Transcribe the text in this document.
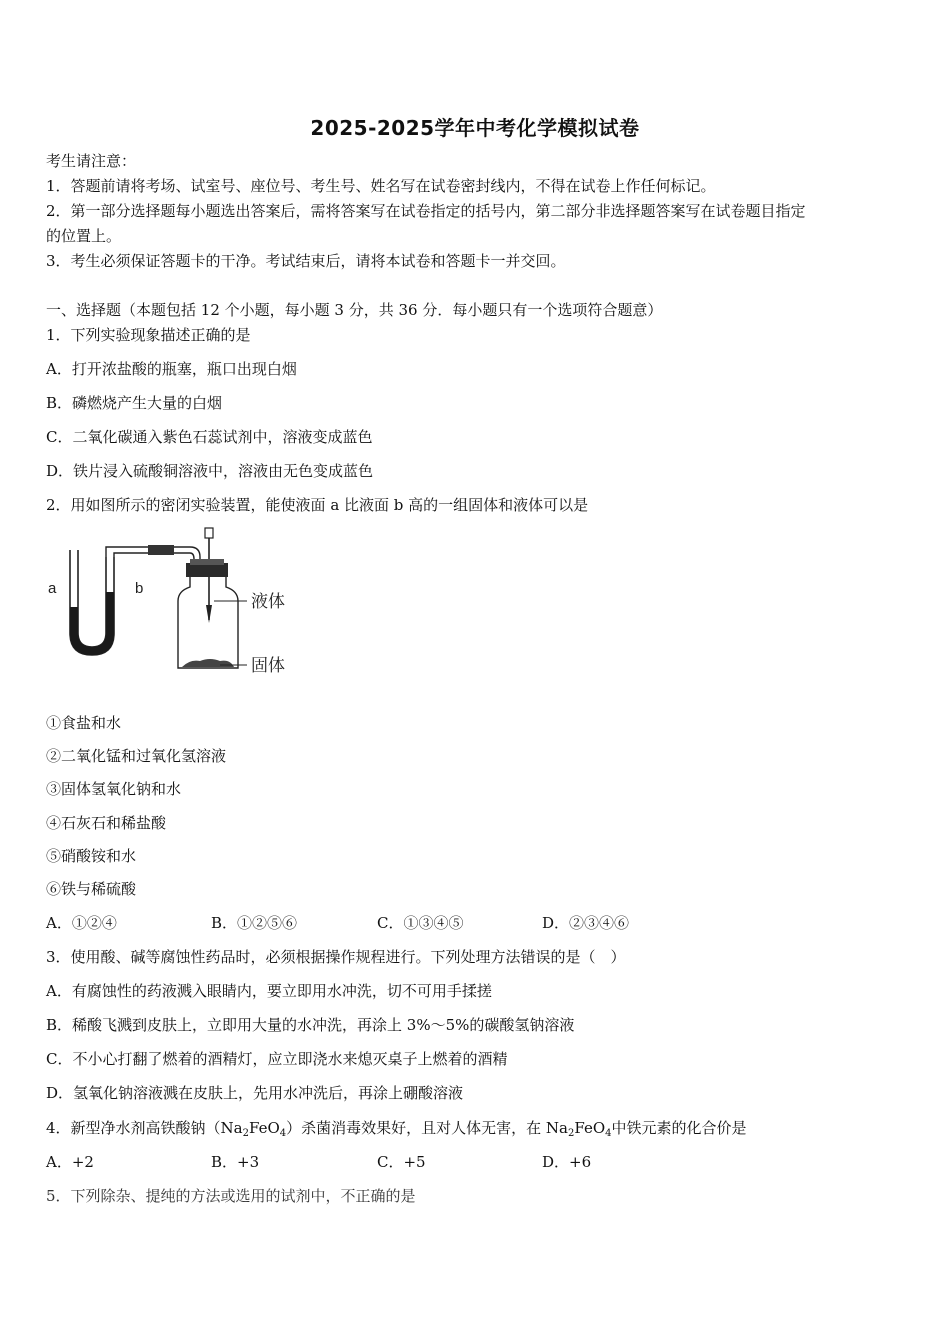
2025-2025学年中考化学模拟试卷
考生请注意：
1．答题前请将考场、试室号、座位号、考生号、姓名写在试卷密封线内，不得在试卷上作任何标记。
2．第一部分选择题每小题选出答案后，需将答案写在试卷指定的括号内，第二部分非选择题答案写在试卷题目指定
的位置上。
3．考生必须保证答题卡的干净。考试结束后，请将本试卷和答题卡一并交回。
一、选择题（本题包括 12 个小题，每小题 3 分，共 36 分．每小题只有一个选项符合题意）
1．下列实验现象描述正确的是
A．打开浓盐酸的瓶塞，瓶口出现白烟
B．磷燃烧产生大量的白烟
C．二氧化碳通入紫色石蕊试剂中，溶液变成蓝色
D．铁片浸入硫酸铜溶液中，溶液由无色变成蓝色
2．用如图所示的密闭实验装置，能使液面 a 比液面 b 高的一组固体和液体可以是
a	b
液体
固体
①食盐和水
②二氧化锰和过氧化氢溶液
③固体氢氧化钠和水
④石灰石和稀盐酸
⑤硝酸铵和水
⑥铁与稀硫酸
A．①②④	B．①②⑤⑥	C．①③④⑤	D．②③④⑥
3．使用酸、碱等腐蚀性药品时，必须根据操作规程进行。下列处理方法错误的是（　）
A．有腐蚀性的药液溅入眼睛内，要立即用水冲洗，切不可用手揉搓
B．稀酸飞溅到皮肤上，立即用大量的水冲洗，再涂上 3%～5%的碳酸氢钠溶液
C．不小心打翻了燃着的酒精灯，应立即浇水来熄灭桌子上燃着的酒精
D．氢氧化钠溶液溅在皮肤上，先用水冲洗后，再涂上硼酸溶液
4．新型净水剂高铁酸钠$(Na_2FeO_4)$杀菌消毒效果好，且对人体无害，在 $Na_2FeO_4$中铁元素的化合价是
A．+2	B．+3	C．+5	D．+6
5．下列除杂、提纯的方法或选用的试剂中，不正确的是
